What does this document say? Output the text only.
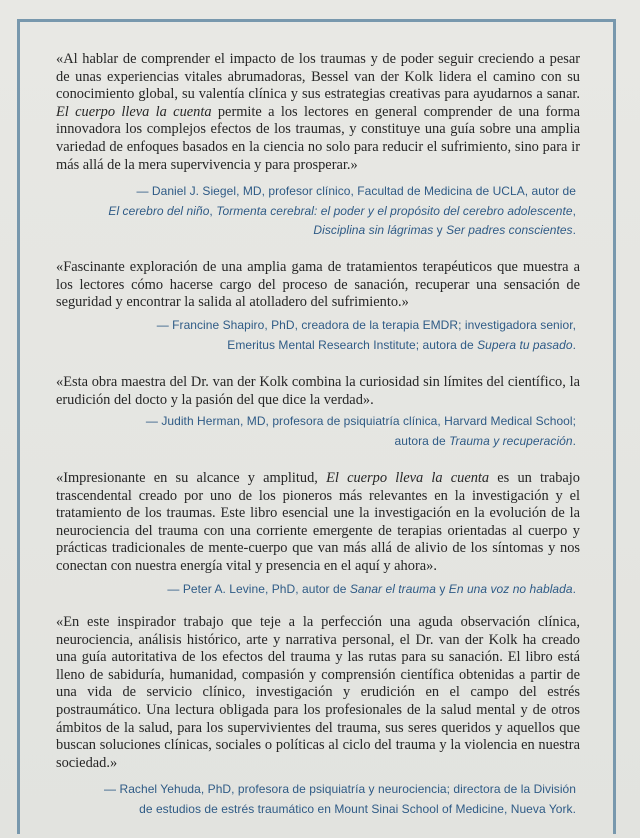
«Al hablar de comprender el impacto de los traumas y de poder seguir creciendo a pesar de unas experiencias vitales abrumadoras, Bessel van der Kolk lidera el camino con su conocimiento global, su valentía clínica y sus estrategias creativas para ayudarnos a sanar. El cuerpo lleva la cuenta permite a los lectores en general comprender de una forma innovadora los complejos efectos de los traumas, y constituye una guía sobre una amplia variedad de enfoques basados en la ciencia no solo para reducir el sufrimiento, sino para ir más allá de la mera supervivencia y para prosperar.»

— Daniel J. Siegel, MD, profesor clínico, Facultad de Medicina de UCLA, autor de
El cerebro del niño, Tormenta cerebral: el poder y el propósito del cerebro adolescente,
Disciplina sin lágrimas y Ser padres conscientes.

«Fascinante exploración de una amplia gama de tratamientos terapéuticos que muestra a los lectores cómo hacerse cargo del proceso de sanación, recuperar una sensación de seguridad y encontrar la salida al atolladero del sufrimiento.»

— Francine Shapiro, PhD, creadora de la terapia EMDR; investigadora senior,
Emeritus Mental Research Institute; autora de Supera tu pasado.

«Esta obra maestra del Dr. van der Kolk combina la curiosidad sin límites del científico, la erudición del docto y la pasión del que dice la verdad».

— Judith Herman, MD, profesora de psiquiatría clínica, Harvard Medical School;
autora de Trauma y recuperación.

«Impresionante en su alcance y amplitud, El cuerpo lleva la cuenta es un trabajo trascendental creado por uno de los pioneros más relevantes en la investigación y el tratamiento de los traumas. Este libro esencial une la investigación en la evolución de la neurociencia del trauma con una corriente emergente de terapias orientadas al cuerpo y prácticas tradicionales de mente-cuerpo que van más allá de alivio de los síntomas y nos conectan con nuestra energía vital y presencia en el aquí y ahora».

— Peter A. Levine, PhD, autor de Sanar el trauma y En una voz no hablada.

«En este inspirador trabajo que teje a la perfección una aguda observación clínica, neurociencia, análisis histórico, arte y narrativa personal, el Dr. van der Kolk ha creado una guía autoritativa de los efectos del trauma y las rutas para su sanación. El libro está lleno de sabiduría, humanidad, compasión y comprensión científica obtenidas a partir de una vida de servicio clínico, investigación y erudición en el campo del estrés postraumático. Una lectura obligada para los profesionales de la salud mental y de otros ámbitos de la salud, para los supervivientes del trauma, sus seres queridos y aquellos que buscan soluciones clínicas, sociales o políticas al ciclo del trauma y la violencia en nuestra sociedad.»

— Rachel Yehuda, PhD, profesora de psiquiatría y neurociencia; directora de la División
de estudios de estrés traumático en Mount Sinai School of Medicine, Nueva York.
